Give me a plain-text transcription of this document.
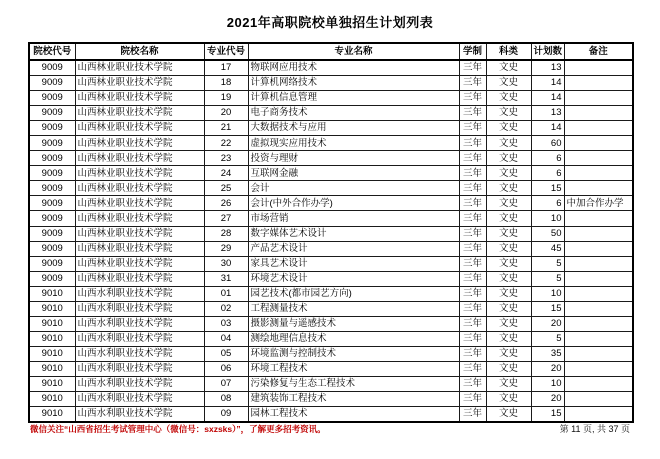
2021年高职院校单独招生计划列表
院校代号	院校名称	专业代号	专业名称	学制	科类	计划数	备注
9009	山西林业职业技术学院	17	物联网应用技术	三年	文史	13	
9009	山西林业职业技术学院	18	计算机网络技术	三年	文史	14	
9009	山西林业职业技术学院	19	计算机信息管理	三年	文史	14	
9009	山西林业职业技术学院	20	电子商务技术	三年	文史	13	
9009	山西林业职业技术学院	21	大数据技术与应用	三年	文史	14	
9009	山西林业职业技术学院	22	虚拟现实应用技术	三年	文史	60	
9009	山西林业职业技术学院	23	投资与理财	三年	文史	6	
9009	山西林业职业技术学院	24	互联网金融	三年	文史	6	
9009	山西林业职业技术学院	25	会计	三年	文史	15	
9009	山西林业职业技术学院	26	会计(中外合作办学)	三年	文史	6	中加合作办学
9009	山西林业职业技术学院	27	市场营销	三年	文史	10	
9009	山西林业职业技术学院	28	数字媒体艺术设计	三年	文史	50	
9009	山西林业职业技术学院	29	产品艺术设计	三年	文史	45	
9009	山西林业职业技术学院	30	家具艺术设计	三年	文史	5	
9009	山西林业职业技术学院	31	环境艺术设计	三年	文史	5	
9010	山西水利职业技术学院	01	园艺技术(都市园艺方向)	三年	文史	10	
9010	山西水利职业技术学院	02	工程测量技术	三年	文史	15	
9010	山西水利职业技术学院	03	摄影测量与遥感技术	三年	文史	20	
9010	山西水利职业技术学院	04	测绘地理信息技术	三年	文史	5	
9010	山西水利职业技术学院	05	环境监测与控制技术	三年	文史	35	
9010	山西水利职业技术学院	06	环境工程技术	三年	文史	20	
9010	山西水利职业技术学院	07	污染修复与生态工程技术	三年	文史	10	
9010	山西水利职业技术学院	08	建筑装饰工程技术	三年	文史	20	
9010	山西水利职业技术学院	09	园林工程技术	三年	文史	15	
微信关注“山西省招生考试管理中心（微信号：sxzsks）”，了解更多招考资讯。	第 11 页, 共 37 页
